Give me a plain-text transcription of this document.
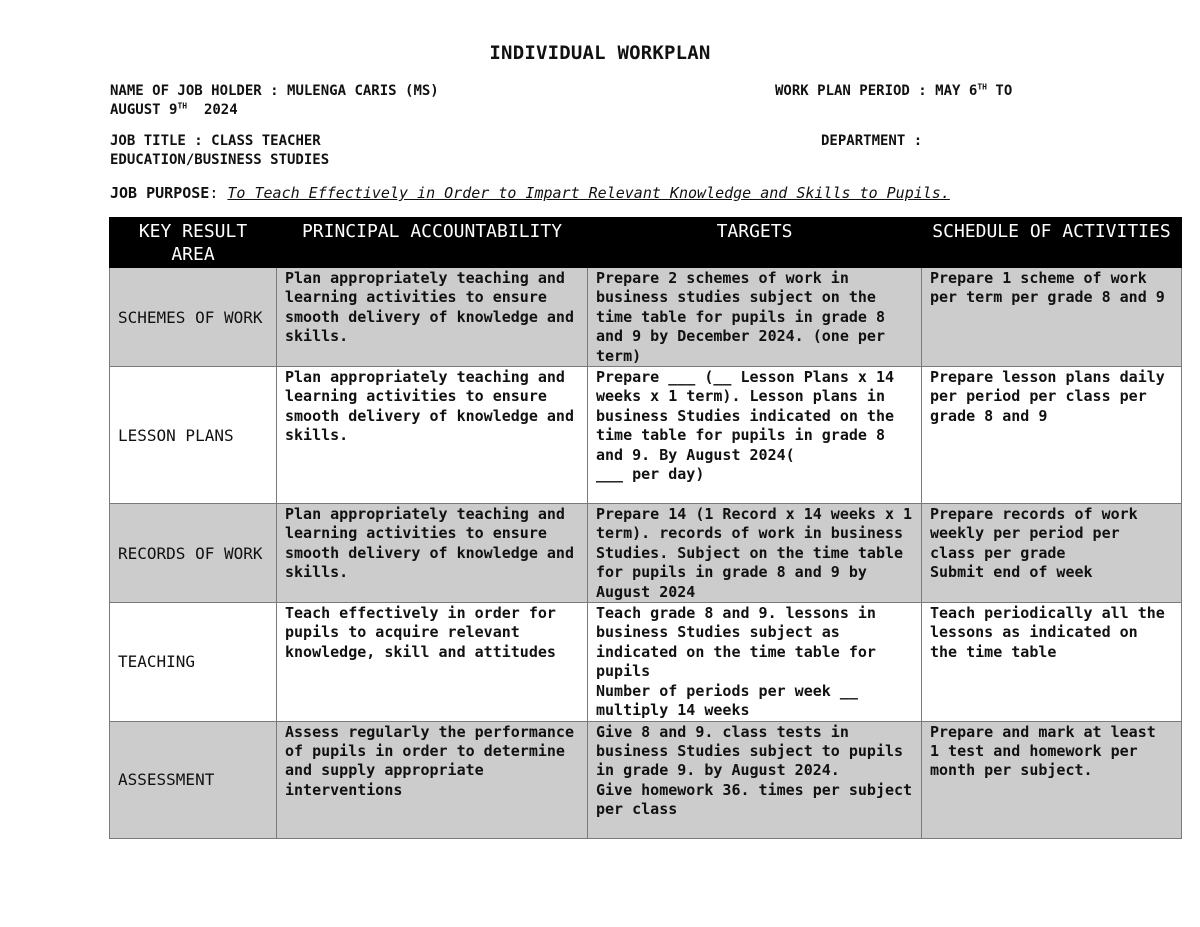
INDIVIDUAL WORKPLAN
NAME OF JOB HOLDER : MULENGA CARIS (MS)
AUGUST 9TH 2024
WORK PLAN PERIOD : MAY 6TH TO
JOB TITLE : CLASS TEACHER
EDUCATION/BUSINESS STUDIES
DEPARTMENT :
JOB PURPOSE: To Teach Effectively in Order to Impart Relevant Knowledge and Skills to Pupils.
KEY RESULT AREA	PRINCIPAL ACCOUNTABILITY	TARGETS	SCHEDULE OF ACTIVITIES
SCHEMES OF WORK	Plan appropriately teaching and learning activities to ensure smooth delivery of knowledge and skills.	Prepare 2 schemes of work in business studies subject on the time table for pupils in grade 8 and 9 by December 2024. (one per term)	Prepare 1 scheme of work per term per grade 8 and 9
LESSON PLANS	Plan appropriately teaching and learning activities to ensure smooth delivery of knowledge and skills.	Prepare ___ (__ Lesson Plans x 14 weeks x 1 term). Lesson plans in business Studies indicated on the time table for pupils in grade 8 and 9. By August 2024(
___ per day)	Prepare lesson plans daily per period per class per grade 8 and 9
RECORDS OF WORK	Plan appropriately teaching and learning activities to ensure smooth delivery of knowledge and skills.	Prepare 14 (1 Record x 14 weeks x 1 term). records of work in business Studies. Subject on the time table for pupils in grade 8 and 9 by August 2024	Prepare records of work weekly per period per class per grade
Submit end of week
TEACHING	Teach effectively in order for pupils to acquire relevant knowledge, skill and attitudes	Teach grade 8 and 9. lessons in business Studies subject as indicated on the time table for pupils
Number of periods per week __ multiply 14 weeks	Teach periodically all the lessons as indicated on the time table
ASSESSMENT	Assess regularly the performance of pupils in order to determine and supply appropriate interventions	Give 8 and 9. class tests in business Studies subject to pupils in grade 9. by August 2024.
Give homework 36. times per subject per class	Prepare and mark at least 1 test and homework per month per subject.
